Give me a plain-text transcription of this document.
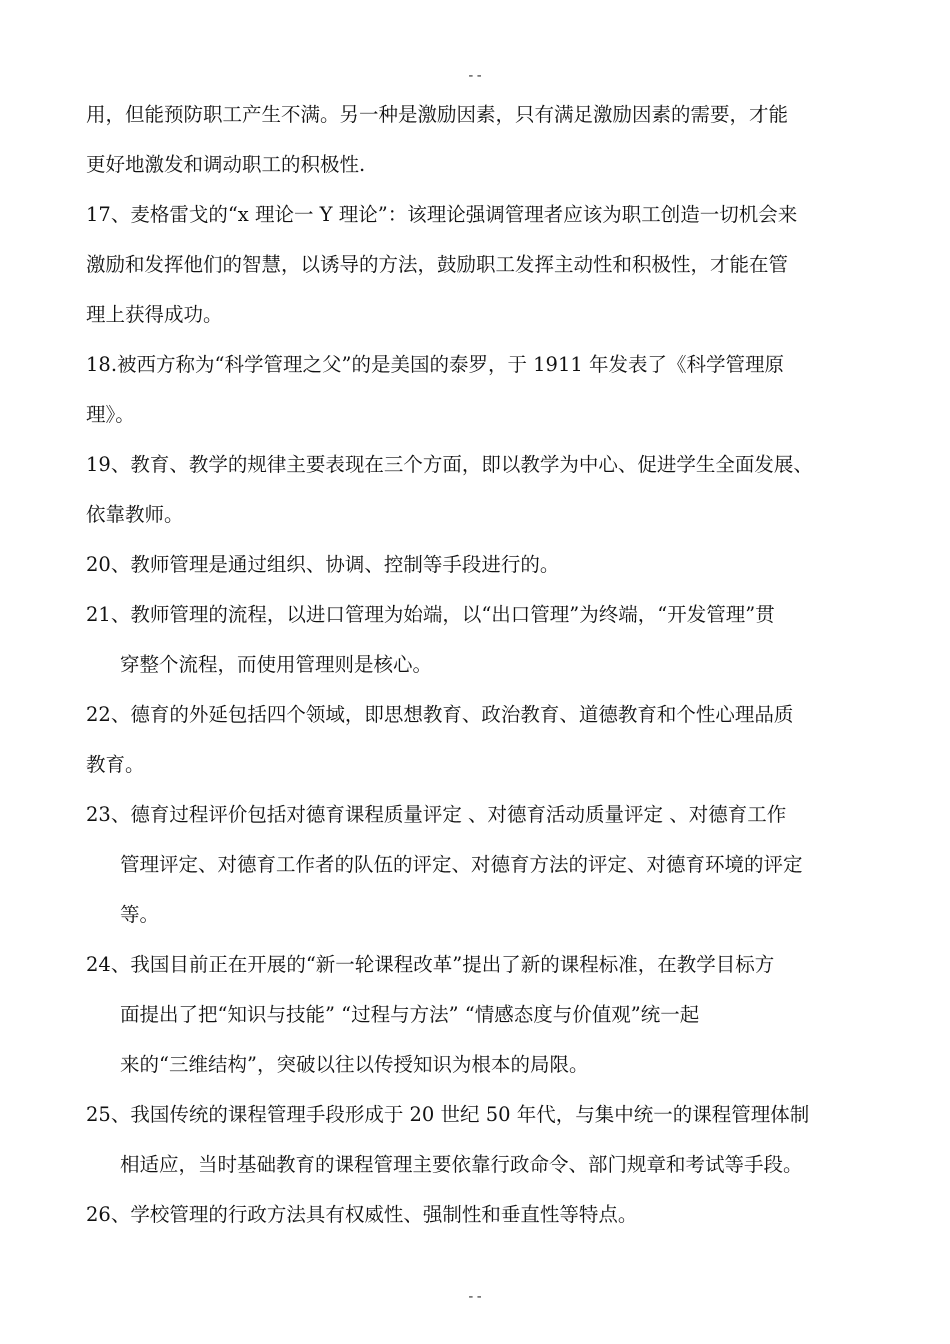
--
用，但能预防职工产生不满。另一种是激励因素，只有满足激励因素的需要，才能
更好地激发和调动职工的积极性.
17、麦格雷戈的“x 理论一 Y 理论”：该理论强调管理者应该为职工创造一切机会来
激励和发挥他们的智慧，以诱导的方法，鼓励职工发挥主动性和积极性，才能在管
理上获得成功。
18.被西方称为“科学管理之父”的是美国的泰罗，于 1911 年发表了《科学管理原
理》。
19、教育、教学的规律主要表现在三个方面，即以教学为中心、促进学生全面发展、
依靠教师。
20、教师管理是通过组织、协调、控制等手段进行的。
21、教师管理的流程，以进口管理为始端，以“出口管理”为终端，“开发管理”贯
穿整个流程，而使用管理则是核心。
22、德育的外延包括四个领域，即思想教育、政治教育、道德教育和个性心理品质
教育。
23、德育过程评价包括对德育课程质量评定 、对德育活动质量评定 、对德育工作
管理评定、对德育工作者的队伍的评定、对德育方法的评定、对德育环境的评定
等。
24、我国目前正在开展的“新一轮课程改革”提出了新的课程标准，在教学目标方
面提出了把“知识与技能” “过程与方法” “情感态度与价值观”统一起
来的“三维结构”，突破以往以传授知识为根本的局限。
25、我国传统的课程管理手段形成于 20 世纪 50 年代，与集中统一的课程管理体制
相适应，当时基础教育的课程管理主要依靠行政命令、部门规章和考试等手段。
26、学校管理的行政方法具有权威性、强制性和垂直性等特点。
--
